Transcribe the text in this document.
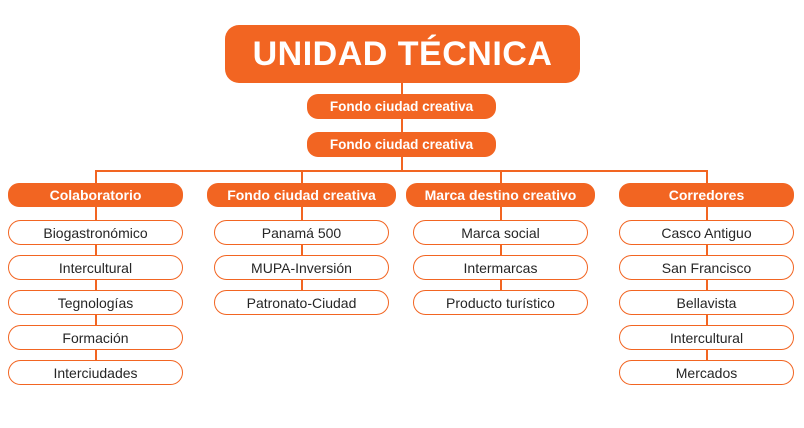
UNIDAD TÉCNICA
Fondo ciudad creativa
Fondo ciudad creativa
Colaboratorio
Biogastronómico
Intercultural
Tegnologías
Formación
Interciudades
Fondo ciudad creativa
Panamá 500
MUPA-Inversión
Patronato-Ciudad
Marca destino creativo
Marca social
Intermarcas
Producto turístico
Corredores
Casco Antiguo
San Francisco
Bellavista
Intercultural
Mercados
